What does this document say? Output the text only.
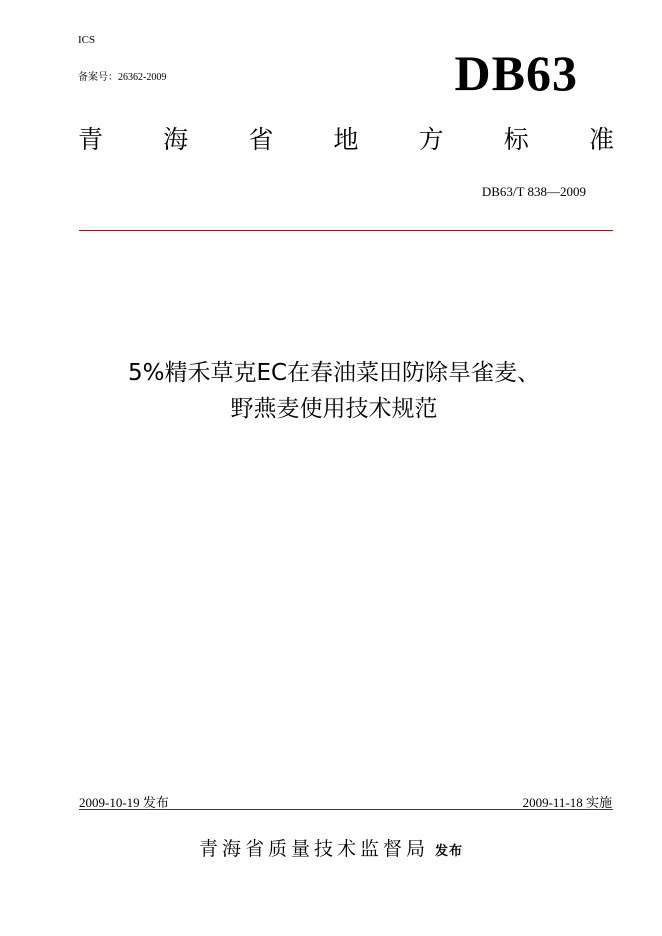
ICS
备案号：26362-2009	DB63
青 海 省 地 方 标 准
DB63/T 838—2009
5%精禾草克EC在春油菜田防除旱雀麦、
野燕麦使用技术规范
2009-10-19 发布	2009-11-18 实施
青海省质量技术监督局 发布
